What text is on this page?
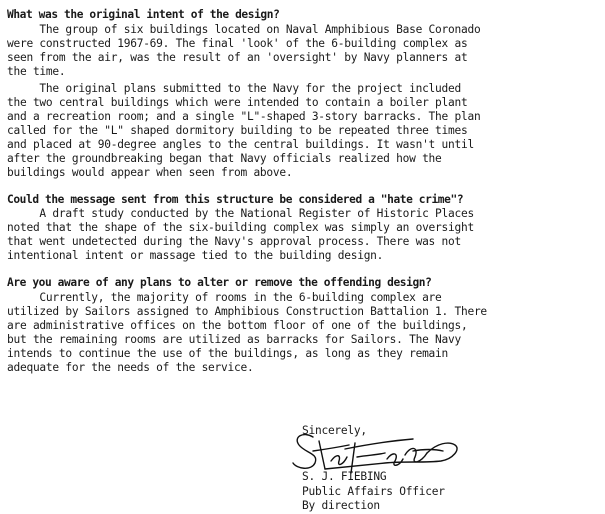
What was the original intent of the design?
The group of six buildings located on Naval Amphibious Base Coronado
were constructed 1967-69. The final 'look' of the 6-building complex as
seen from the air, was the result of an 'oversight' by Navy planners at
the time.
The original plans submitted to the Navy for the project included
the two central buildings which were intended to contain a boiler plant
and a recreation room; and a single "L"-shaped 3-story barracks. The plan
called for the "L" shaped dormitory building to be repeated three times
and placed at 90-degree angles to the central buildings. It wasn't until
after the groundbreaking began that Navy officials realized how the
buildings would appear when seen from above.
Could the message sent from this structure be considered a "hate crime"?
A draft study conducted by the National Register of Historic Places
noted that the shape of the six-building complex was simply an oversight
that went undetected during the Navy's approval process. There was not
intentional intent or massage tied to the building design.
Are you aware of any plans to alter or remove the offending design?
Currently, the majority of rooms in the 6-building complex are
utilized by Sailors assigned to Amphibious Construction Battalion 1. There
are administrative offices on the bottom floor of one of the buildings,
but the remaining rooms are utilized as barracks for Sailors. The Navy
intends to continue the use of the buildings, as long as they remain
adequate for the needs of the service.
Sincerely,
S. J. FIEBING
Public Affairs Officer
By direction
